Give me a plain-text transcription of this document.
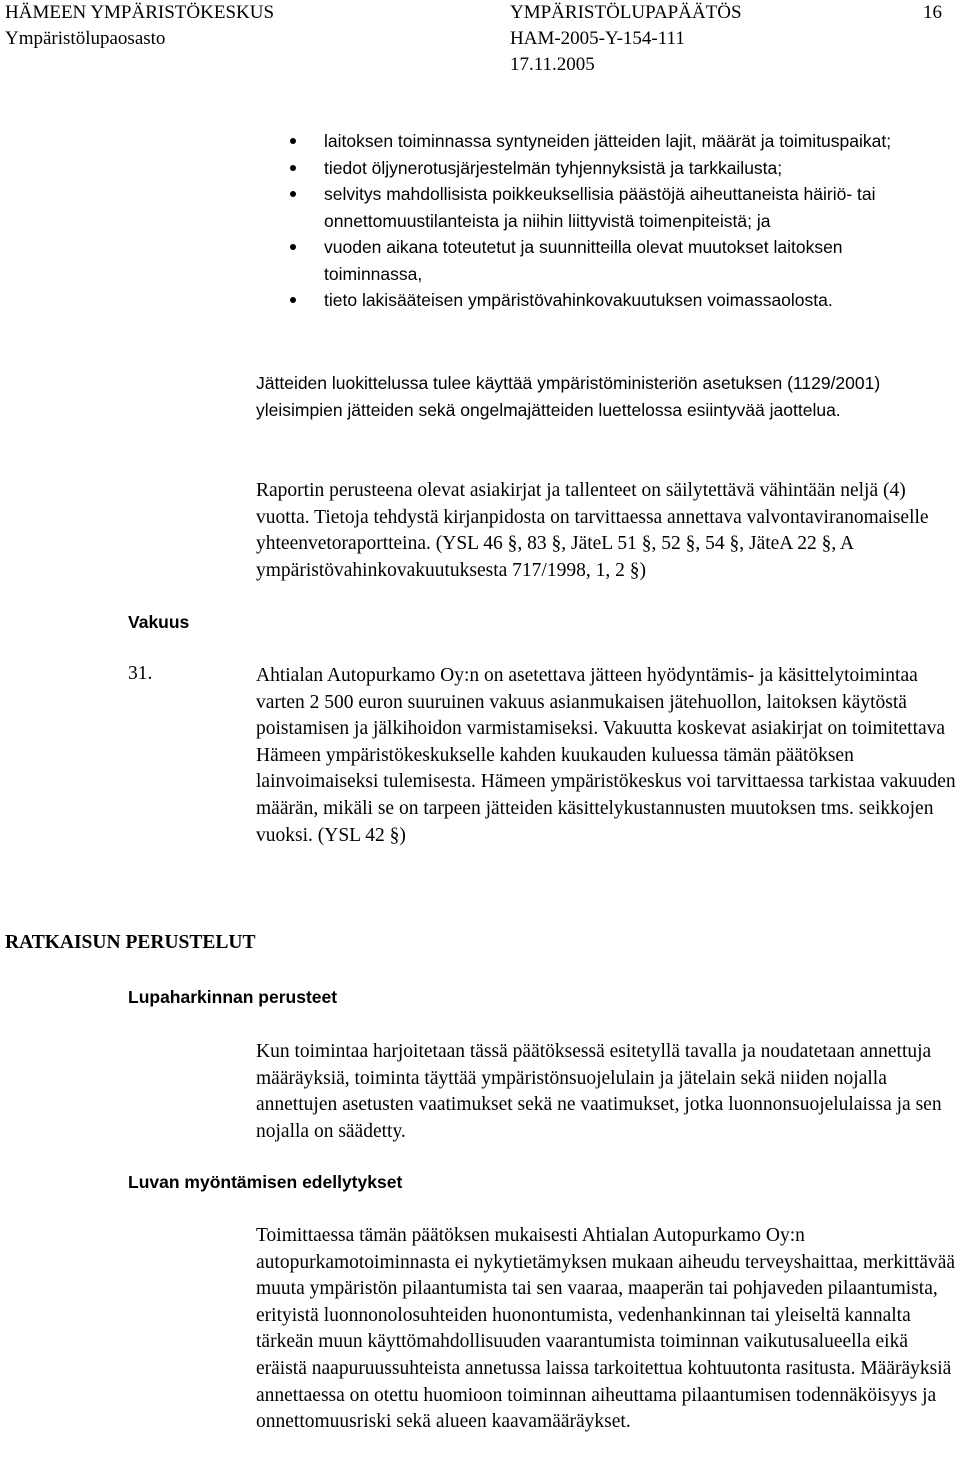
HÄMEEN YMPÄRISTÖKESKUS
Ympäristölupaosasto
YMPÄRISTÖLUPAPÄÄTÖS
HAM-2005-Y-154-111
17.11.2005
16
laitoksen toiminnassa syntyneiden jätteiden lajit, määrät ja toimituspaikat;
tiedot öljynerotusjärjestelmän tyhjennyksistä ja tarkkailusta;
selvitys mahdollisista poikkeuksellisia päästöjä aiheuttaneista häiriö- tai onnettomuustilanteista ja niihin liittyvistä toimenpiteistä; ja
vuoden aikana toteutetut ja suunnitteilla olevat muutokset laitoksen toiminnassa,
tieto lakisääteisen ympäristövahinkovakuutuksen voimassaolosta.

Jätteiden luokittelussa tulee käyttää ympäristöministeriön asetuksen (1129/2001) yleisimpien jätteiden sekä ongelmajätteiden luettelossa esiintyvää jaottelua.

Raportin perusteena olevat asiakirjat ja tallenteet on säilytettävä vähintään neljä (4) vuotta. Tietoja tehdystä kirjanpidosta on tarvittaessa annettava valvontaviranomaiselle yhteenvetoraportteina. (YSL 46 §, 83 §, JäteL 51 §, 52 §, 54 §, JäteA 22 §, A ympäristövahinkovakuutuksesta 717/1998, 1, 2 §)

Vakuus
31.	Ahtialan Autopurkamo Oy:n on asetettava jätteen hyödyntämis- ja käsittelytoimintaa varten 2 500 euron suuruinen vakuus asianmukaisen jätehuollon, laitoksen käytöstä poistamisen ja jälkihoidon varmistamiseksi. Vakuutta koskevat asiakirjat on toimitettava Hämeen ympäristökeskukselle kahden kuukauden kuluessa tämän päätöksen lainvoimaiseksi tulemisesta. Hämeen ympäristökeskus voi tarvittaessa tarkistaa vakuuden määrän, mikäli se on tarpeen jätteiden käsittelykustannusten muutoksen tms. seikkojen vuoksi. (YSL 42 §)

RATKAISUN PERUSTELUT
Lupaharkinnan perusteet

Kun toimintaa harjoitetaan tässä päätöksessä esitetyllä tavalla ja noudatetaan annettuja määräyksiä, toiminta täyttää ympäristönsuojelulain ja jätelain sekä niiden nojalla annettujen asetusten vaatimukset sekä ne vaatimukset, jotka luonnonsuojelulaissa ja sen nojalla on säädetty.

Luvan myöntämisen edellytykset

Toimittaessa tämän päätöksen mukaisesti Ahtialan Autopurkamo Oy:n autopurkamotoiminnasta ei nykytietämyksen mukaan aiheudu terveyshaittaa, merkittävää muuta ympäristön pilaantumista tai sen vaaraa, maaperän tai pohjaveden pilaantumista, erityistä luonnonolosuhteiden huonontumista, vedenhankinnan tai yleiseltä kannalta tärkeän muun käyttömahdollisuuden vaarantumista toiminnan vaikutusalueella eikä eräistä naapuruussuhteista annetussa laissa tarkoitettua kohtuutonta rasitusta. Määräyksiä annettaessa on otettu huomioon toiminnan aiheuttama pilaantumisen todennäköisyys ja onnettomuusriski sekä alueen kaavamääräykset.
